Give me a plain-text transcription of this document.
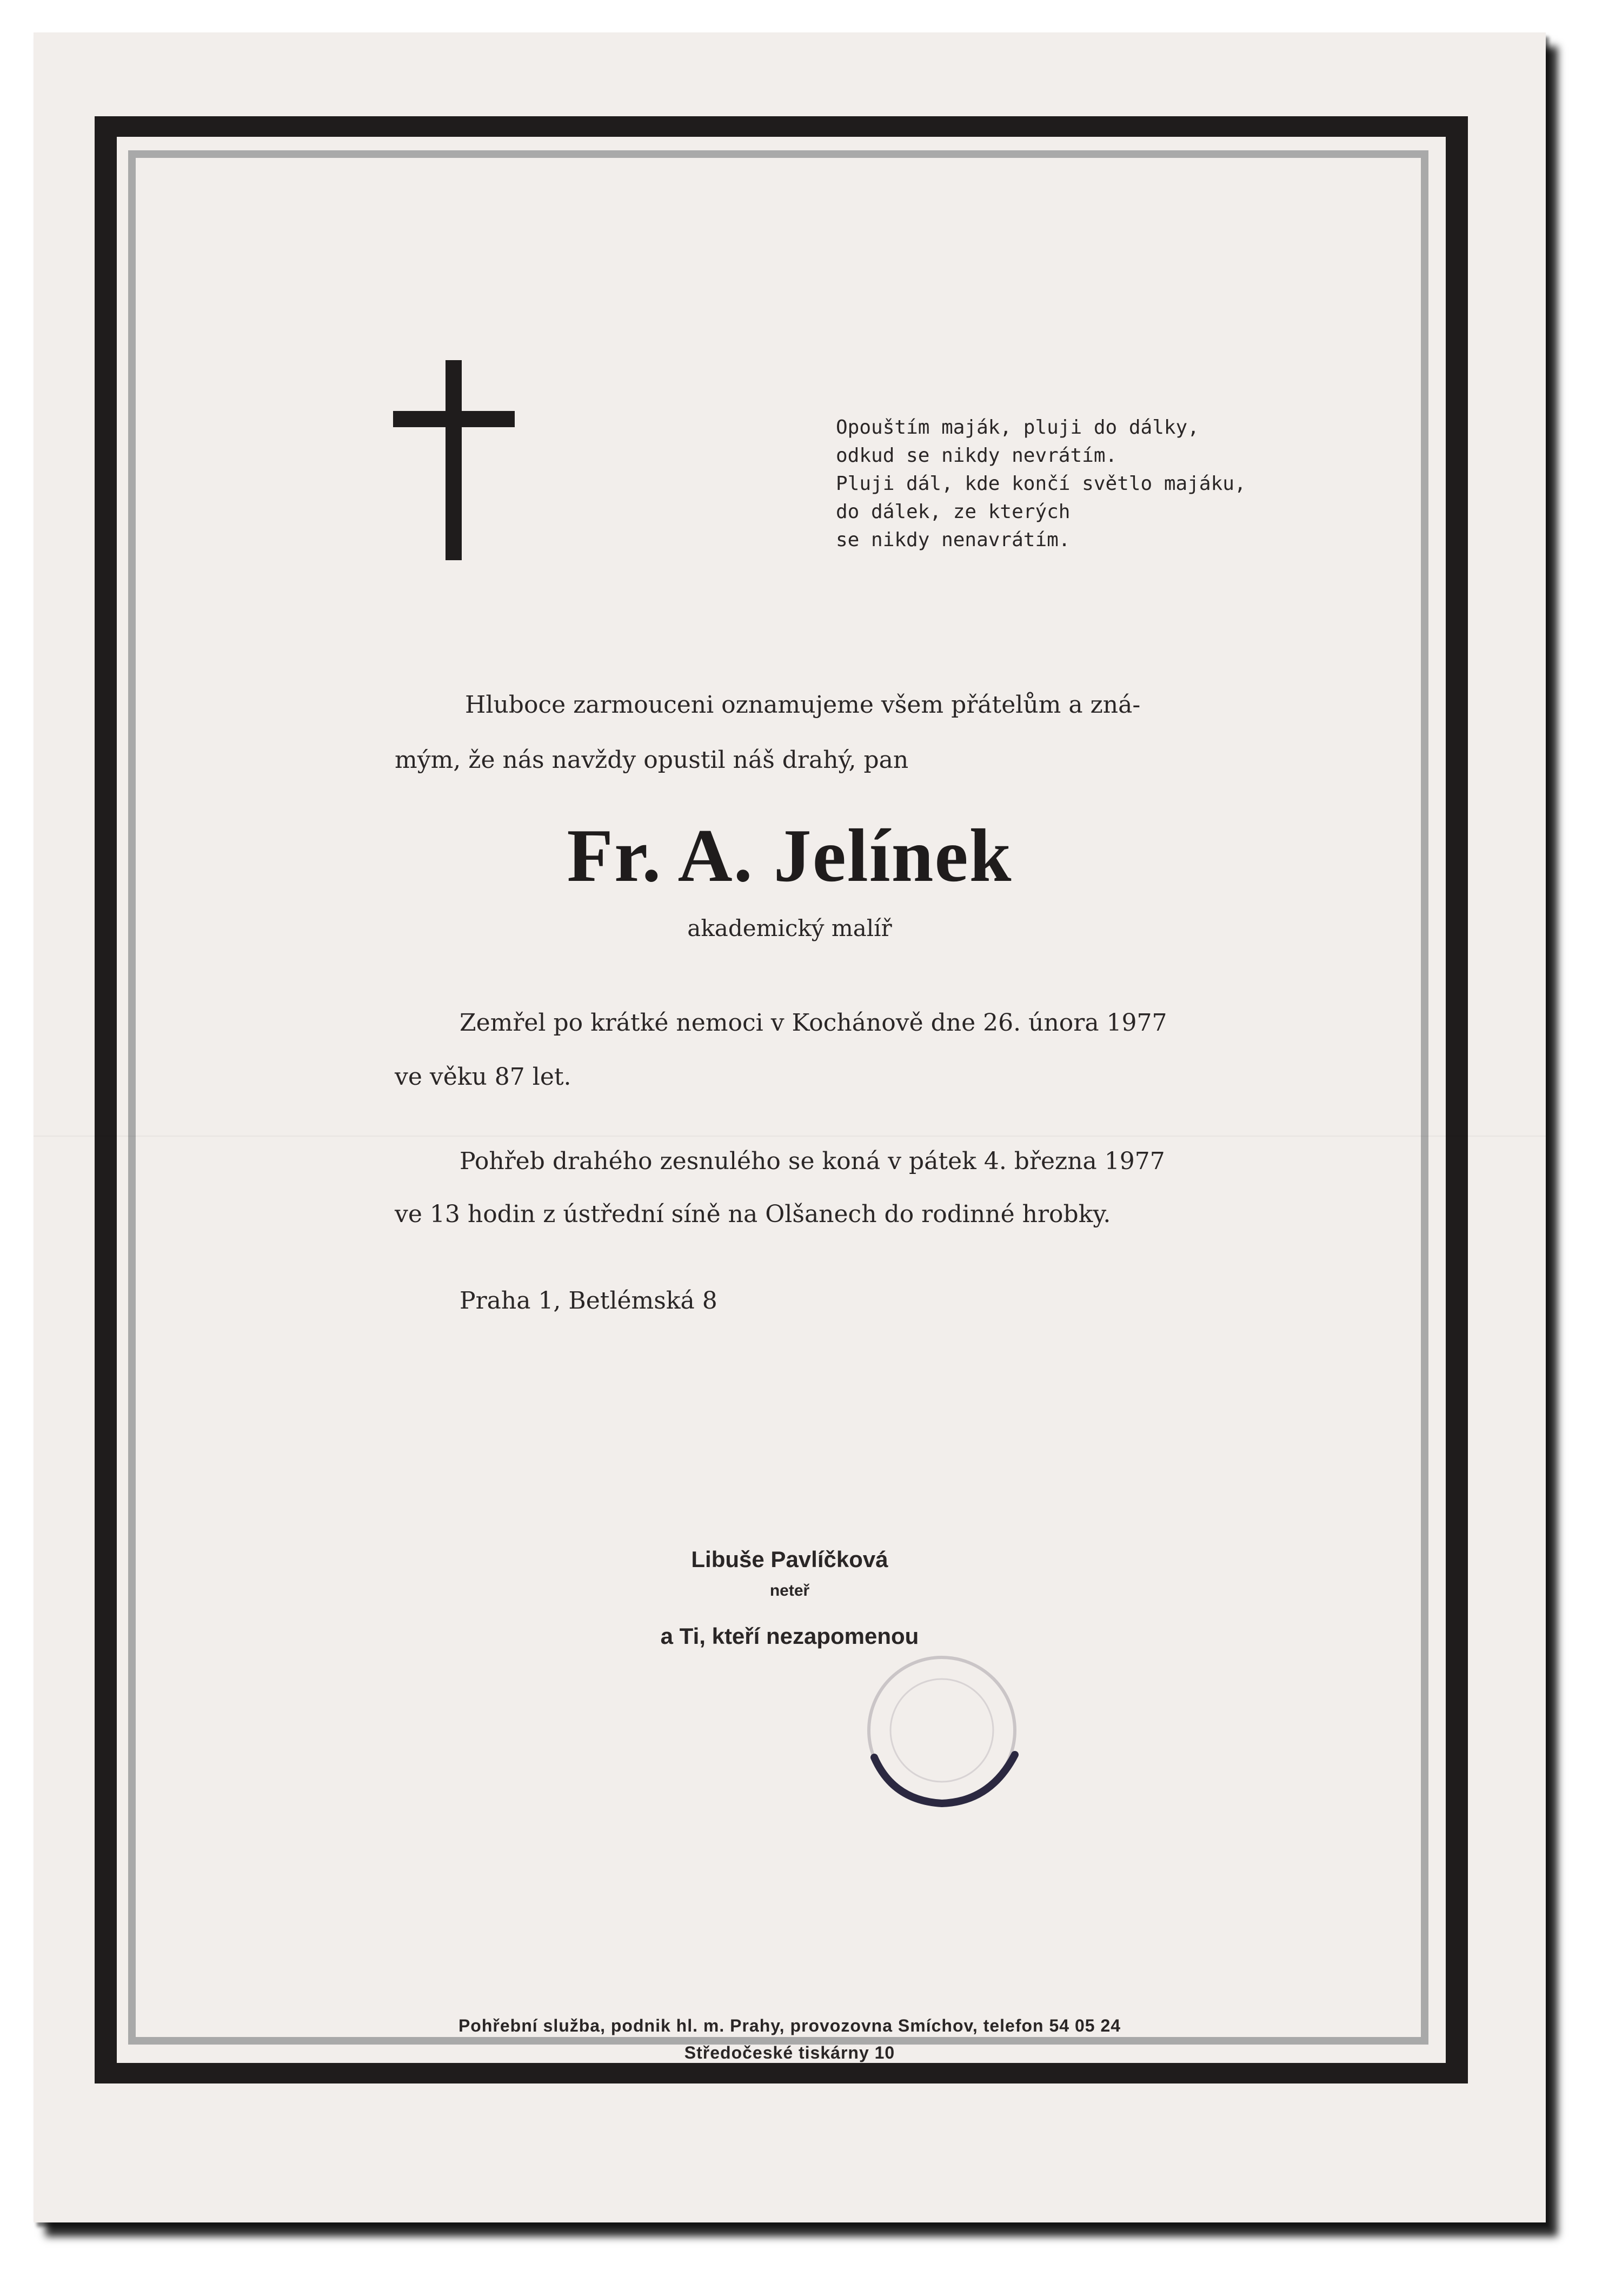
Opouštím maják, pluji do dálky,
odkud se nikdy nevrátím.
Pluji dál, kde končí světlo majáku,
do dálek, ze kterých
se nikdy nenavrátím.
Hluboce zarmouceni oznamujeme všem přátelům a zná-
mým, že nás navždy opustil náš drahý, pan
Fr. A. Jelínek
akademický malíř
Zemřel po krátké nemoci v Kochánově dne 26. února 1977
ve věku 87 let.
Pohřeb drahého zesnulého se koná v pátek 4. března 1977
ve 13 hodin z ústřední síně na Olšanech do rodinné hrobky.
Praha 1, Betlémská 8
Libuše Pavlíčková
neteř
a Ti, kteří nezapomenou
Pohřební služba, podnik hl. m. Prahy, provozovna Smíchov, telefon 54 05 24
Středočeské tiskárny 10
